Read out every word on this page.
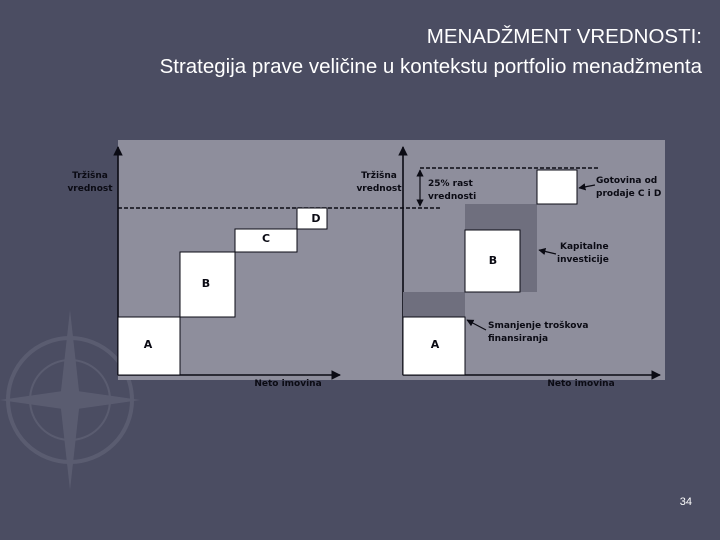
MENADŽMENT VREDNOSTI:
Strategija prave veličine u kontekstu portfolio menadžmenta
Tržišna
vrednost
A
B
C
D
Neto imovina
Tržišna
vrednost	25% rast
vrednosti
A
B
Gotovina od
prodaje C i D
Kapitalne
investicije
Smanjenje troškova
finansiranja
Neto imovina
34
